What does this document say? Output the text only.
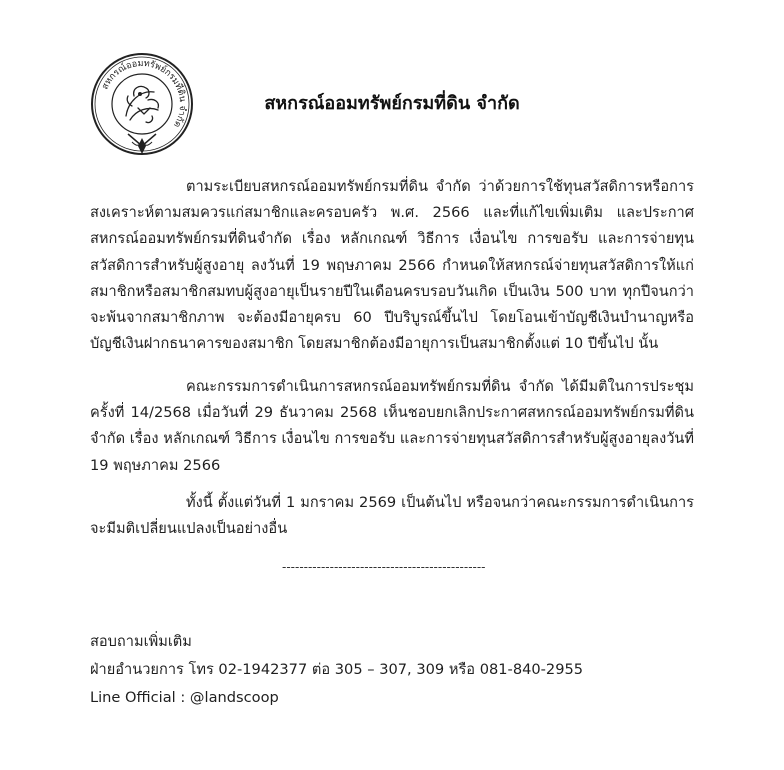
สหกรณ์ออมทรัพย์กรมที่ดิน จำกัด
สหกรณ์ออมทรัพย์กรมที่ดิน จำกัด
ตามระเบียบสหกรณ์ออมทรัพย์กรมที่ดิน จำกัด ว่าด้วยการใช้ทุนสวัสดิการหรือการสงเคราะห์ตามสมควรแก่สมาชิกและครอบครัว พ.ศ. 2566 และที่แก้ไขเพิ่มเติม และประกาศสหกรณ์ออมทรัพย์กรมที่ดินจำกัด เรื่อง หลักเกณฑ์ วิธีการ เงื่อนไข การขอรับ และการจ่ายทุนสวัสดิการสำหรับผู้สูงอายุ ลงวันที่ 19 พฤษภาคม 2566 กำหนดให้สหกรณ์จ่ายทุนสวัสดิการให้แก่สมาชิกหรือสมาชิกสมทบผู้สูงอายุเป็นรายปีในเดือนครบรอบวันเกิด เป็นเงิน 500 บาท ทุกปีจนกว่าจะพ้นจากสมาชิกภาพ จะต้องมีอายุครบ 60 ปีบริบูรณ์ขึ้นไป โดยโอนเข้าบัญชีเงินบำนาญหรือบัญชีเงินฝากธนาคารของสมาชิก โดยสมาชิกต้องมีอายุการเป็นสมาชิกตั้งแต่ 10 ปีขึ้นไป นั้น
คณะกรรมการดำเนินการสหกรณ์ออมทรัพย์กรมที่ดิน จำกัด ได้มีมติในการประชุมครั้งที่ 14/2568 เมื่อวันที่ 29 ธันวาคม 2568 เห็นชอบยกเลิกประกาศสหกรณ์ออมทรัพย์กรมที่ดินจำกัด เรื่อง หลักเกณฑ์ วิธีการ เงื่อนไข การขอรับ และการจ่ายทุนสวัสดิการสำหรับผู้สูงอายุลงวันที่ 19 พฤษภาคม 2566
ทั้งนี้ ตั้งแต่วันที่ 1 มกราคม 2569 เป็นต้นไป หรือจนกว่าคณะกรรมการดำเนินการจะมีมติเปลี่ยนแปลงเป็นอย่างอื่น
-----------------------------------------------
สอบถามเพิ่มเติม
ฝ่ายอำนวยการ โทร 02-1942377 ต่อ 305 – 307, 309 หรือ 081-840-2955
Line Official : @landscoop
